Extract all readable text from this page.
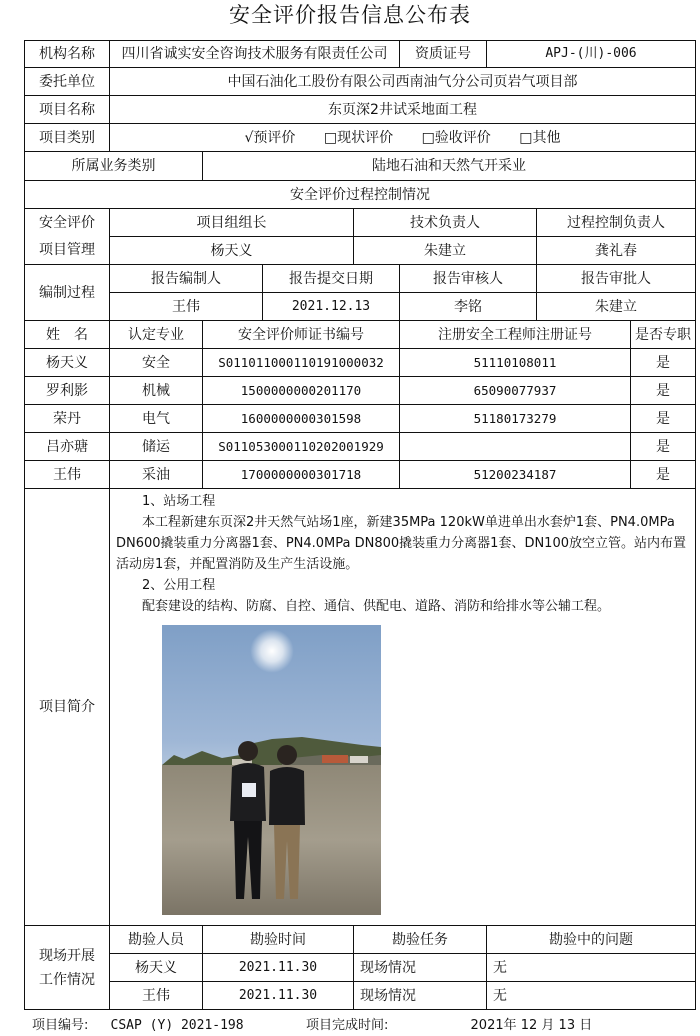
安全评价报告信息公布表
机构名称	四川省诚实安全咨询技术服务有限责任公司				资质证号	APJ-(川)-006		
委托单位	中国石油化工股份有限公司西南油气分公司页岩气项目部							
项目名称	东页深2井试采地面工程							
项目类别	√预评价 □现状评价 □验收评价 □其他							
所属业务类别		陆地石油和天然气开采业						
安全评价过程控制情况								
安全评价	项目组组长			技术负责人			过程控制负责人	
项目管理	杨天义			朱建立			龚礼春	
编制过程	报告编制人		报告提交日期		报告审核人		报告审批人	
	王伟		2021.12.13		李铭		朱建立	
姓　名	认定专业	安全评价师证书编号			注册安全工程师注册证号			是否专职
杨天义	安全	S011011000110191000032			51110108011			是
罗利影	机械	1500000000201170			65090077937			是
荣丹	电气	1600000000301598			51180173279			是
吕亦瑭	储运	S011053000110202001929						是
王伟	采油	1700000000301718			51200234187			是
项目简介	1、站场工程

本工程新建东页深2井天然气站场1座，新建35MPa 120kW单进单出水套炉1套、PN4.0MPa DN600撬装重力分离器1套、PN4.0MPa DN800撬装重力分离器1套、DN100放空立管。站内布置活动房1套，并配置消防及生产生活设施。

2、公用工程

配套建设的结构、防腐、自控、通信、供配电、道路、消防和给排水等公辅工程。							

现场开展
工作情况	勘验人员	勘验时间		勘验任务		勘验中的问题		
	杨天义	2021.11.30		现场情况		无		
	王伟	2021.11.30		现场情况		无		
项目编号: CSAP (Y) 2021-198	项目完成时间:	2021年 12 月 13 日
